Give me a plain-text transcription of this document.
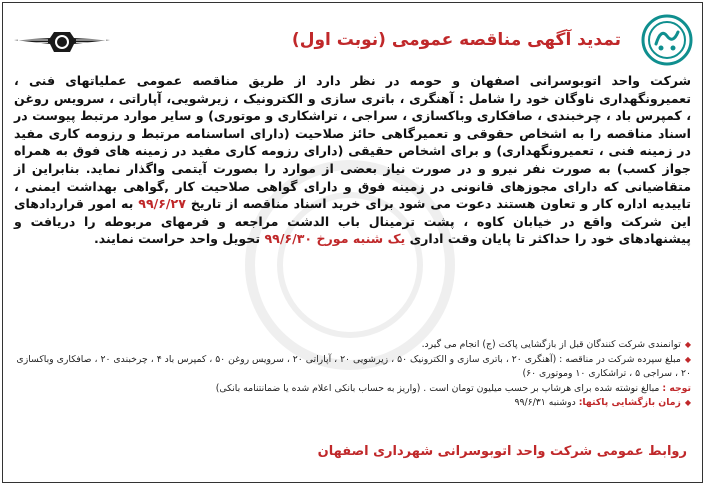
تمدید آگهی مناقصه عمومی (نوبت اول)
شرکت واحد اتوبوسرانی اصفهان و حومه در نظر دارد از طریق مناقصه عمومی عملیاتهای فنی ، تعمیرونگهداری ناوگان خود را شامل : آهنگری ، باتری سازی و الکترونیک ، زیرشویی، آپاراتی ، سرویس روغن ، کمپرس باد ، چرخبندی ، صافکاری وباکسازی ، سراجی ، تراشکاری و موتوری) و سایر موارد مرتبط پیوست در اسناد مناقصه را به اشخاص حقوقی و تعمیرگاهی حائز صلاحیت (دارای اساسنامه مرتبط و رزومه کاری مفید در زمینه فنی ، تعمیرونگهداری) و برای اشخاص حقیقی (دارای رزومه کاری مفید در زمینه های فوق به همراه جواز کسب) به صورت نفر نیرو و در صورت نیاز بعضی از موارد را بصورت آیتمی واگذار نماید. بنابراین از متقاضیانی که دارای مجوزهای قانونی در زمینه فوق و دارای گواهی صلاحیت کار ,گواهی بهداشت ایمنی ، تاییدیه اداره کار و تعاون هستند دعوت می شود برای خرید اسناد مناقصه از تاریخ ۹۹/۶/۲۷ به امور قراردادهای این شرکت واقع در خیابان کاوه ، پشت ترمینال باب الدشت مراجعه و فرمهای مربوطه را دریافت و پیشنهادهای خود را حداکثر تا پایان وقت اداری یک شنبه مورخ ۹۹/۶/۳۰ تحویل واحد حراست نمایند.
◆توانمندی شرکت کنندگان قبل از بازگشایی پاکت (ج) انجام می گیرد.
◆مبلغ سپرده شرکت در مناقصه : (آهنگری ۲۰ ، باتری سازی و الکترونیک ۵۰ ، زیرشویی ۲۰ ، آپاراتی ۲۰ ، سرویس روغن ۵۰ ، کمپرس باد ۴ ، چرخبندی ۲۰ ، صافکاری وباکسازی ۲۰ ، سراجی ۵ ، تراشکاری ۱۰ وموتوری ۶۰)
توجه : مبالغ نوشته شده برای هرشاپ بر حسب میلیون تومان است . (واریز به حساب بانکی اعلام شده یا ضمانتنامه بانکی)
◆زمان بازگشایی پاکتها: دوشنبه ۹۹/۶/۳۱
روابط عمومی شرکت واحد اتوبوسرانی شهرداری اصفهان
